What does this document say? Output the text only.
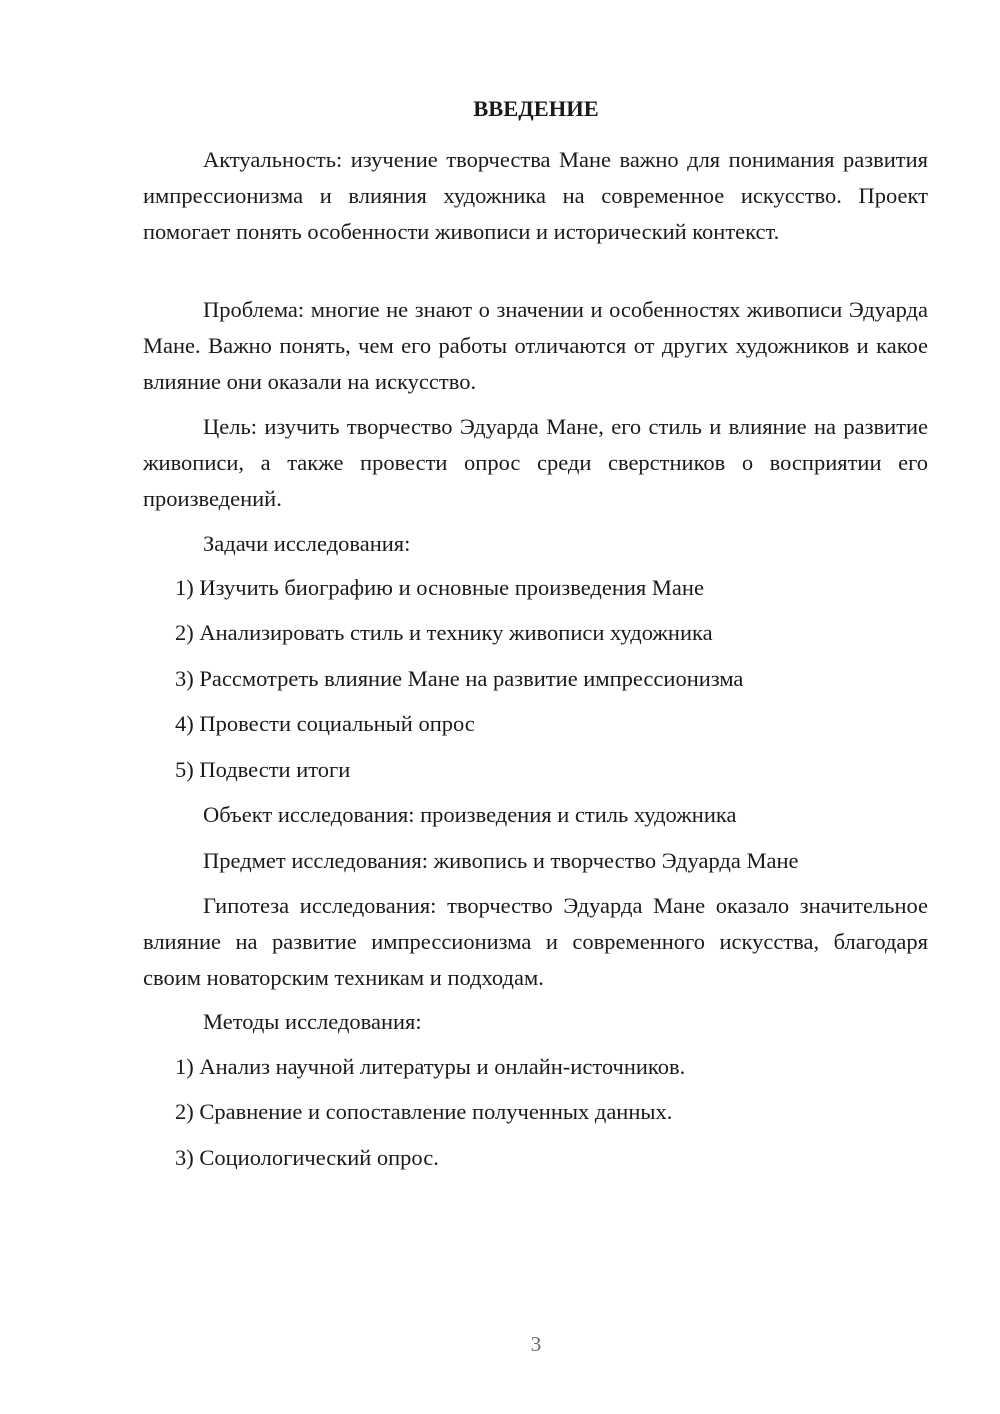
ВВЕДЕНИЕ

Актуальность: изучение творчества Мане важно для понимания развития импрессионизма и влияния художника на современное искусство. Проект помогает понять особенности живописи и исторический контекст.

Проблема: многие не знают о значении и особенностях живописи Эдуарда Мане. Важно понять, чем его работы отличаются от других художников и какое влияние они оказали на искусство.

Цель: изучить творчество Эдуарда Мане, его стиль и влияние на развитие живописи, а также провести опрос среди сверстников о восприятии его произведений.

Задачи исследования:
1) Изучить биографию и основные произведения Мане
2) Анализировать стиль и технику живописи художника
3) Рассмотреть влияние Мане на развитие импрессионизма
4) Провести социальный опрос
5) Подвести итоги
Объект исследования: произведения и стиль художника
Предмет исследования: живопись и творчество Эдуарда Мане

Гипотеза исследования: творчество Эдуарда Мане оказало значительное влияние на развитие импрессионизма и современного искусства, благодаря своим новаторским техникам и подходам.

Методы исследования:
1) Анализ научной литературы и онлайн-источников.
2) Сравнение и сопоставление полученных данных.
3) Социологический опрос.
3
